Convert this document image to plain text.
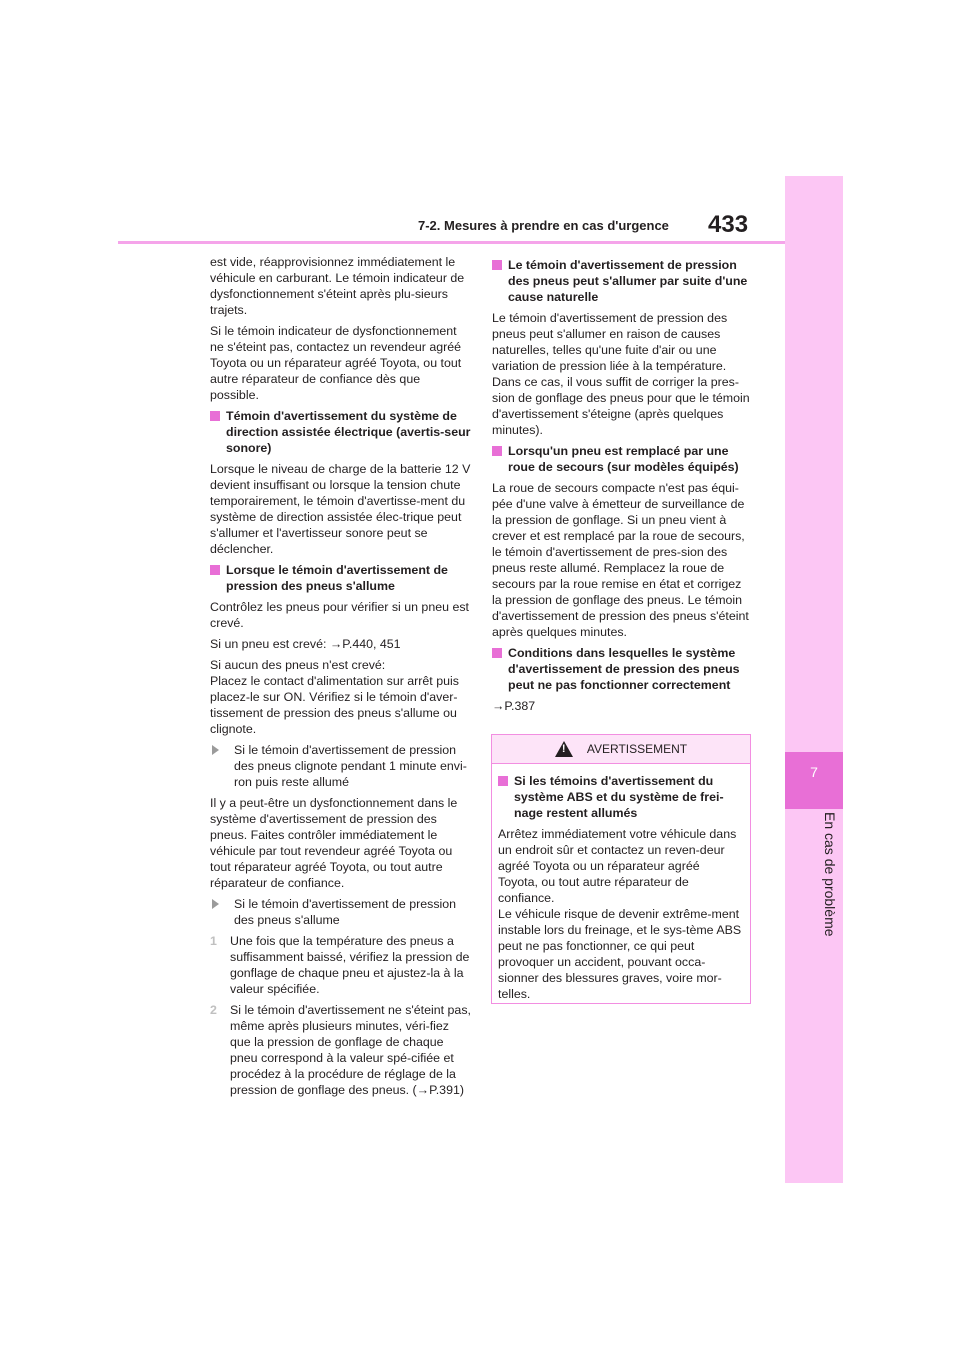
7
En cas de problème
7-2. Mesures à prendre en cas d'urgence 433

est vide, réapprovisionnez immédiatement le véhicule en carburant. Le témoin indicateur de dysfonctionnement s'éteint après plu-sieurs trajets.

Si le témoin indicateur de dysfonctionnement ne s'éteint pas, contactez un revendeur agréé Toyota ou un réparateur agréé Toyota, ou tout autre réparateur de confiance dès que possible.

Témoin d'avertissement du système de direction assistée électrique (avertis-seur sonore)

Lorsque le niveau de charge de la batterie 12 V devient insuffisant ou lorsque la tension chute temporairement, le témoin d'avertisse-ment du système de direction assistée élec-trique peut s'allumer et l'avertisseur sonore peut se déclencher.

Lorsque le témoin d'avertissement de pression des pneus s'allume

Contrôlez les pneus pour vérifier si un pneu est crevé.

Si un pneu est crevé: →P.440, 451

Si aucun des pneus n'est crevé:
Placez le contact d'alimentation sur arrêt puis placez-le sur ON. Vérifiez si le témoin d'aver-tissement de pression des pneus s'allume ou clignote.

Si le témoin d'avertissement de pression des pneus clignote pendant 1 minute envi-ron puis reste allumé

Il y a peut-être un dysfonctionnement dans le système d'avertissement de pression des pneus. Faites contrôler immédiatement le véhicule par tout revendeur agréé Toyota ou tout réparateur agréé Toyota, ou tout autre réparateur de confiance.

Si le témoin d'avertissement de pression des pneus s'allume
1	Une fois que la température des pneus a suffisamment baissé, vérifiez la pression de gonflage de chaque pneu et ajustez-la à la valeur spécifiée.
2	Si le témoin d'avertissement ne s'éteint pas, même après plusieurs minutes, véri-fiez que la pression de gonflage de chaque pneu correspond à la valeur spé-cifiée et procédez à la procédure de réglage de la pression de gonflage des pneus. (→P.391)
Le témoin d'avertissement de pression des pneus peut s'allumer par suite d'une cause naturelle

Le témoin d'avertissement de pression des pneus peut s'allumer en raison de causes naturelles, telles qu'une fuite d'air ou une variation de pression liée à la température. Dans ce cas, il vous suffit de corriger la pres-sion de gonflage des pneus pour que le témoin d'avertissement s'éteigne (après quelques minutes).

Lorsqu'un pneu est remplacé par une roue de secours (sur modèles équipés)

La roue de secours compacte n'est pas équi-pée d'une valve à émetteur de surveillance de la pression de gonflage. Si un pneu vient à crever et est remplacé par la roue de secours, le témoin d'avertissement de pres-sion des pneus reste allumé. Remplacez la roue de secours par la roue remise en état et corrigez la pression de gonflage des pneus. Le témoin d'avertissement de pression des pneus s'éteint après quelques minutes.

Conditions dans lesquelles le système d'avertissement de pression des pneus peut ne pas fonctionner correctement

→P.387

! AVERTISSEMENT
Si les témoins d'avertissement du système ABS et du système de frei-nage restent allumés

Arrêtez immédiatement votre véhicule dans un endroit sûr et contactez un reven-deur agréé Toyota ou un réparateur agréé Toyota, ou tout autre réparateur de confiance.

Le véhicule risque de devenir extrême-ment instable lors du freinage, et le sys-tème ABS peut ne pas fonctionner, ce qui peut provoquer un accident, pouvant occa-sionner des blessures graves, voire mor-telles.
